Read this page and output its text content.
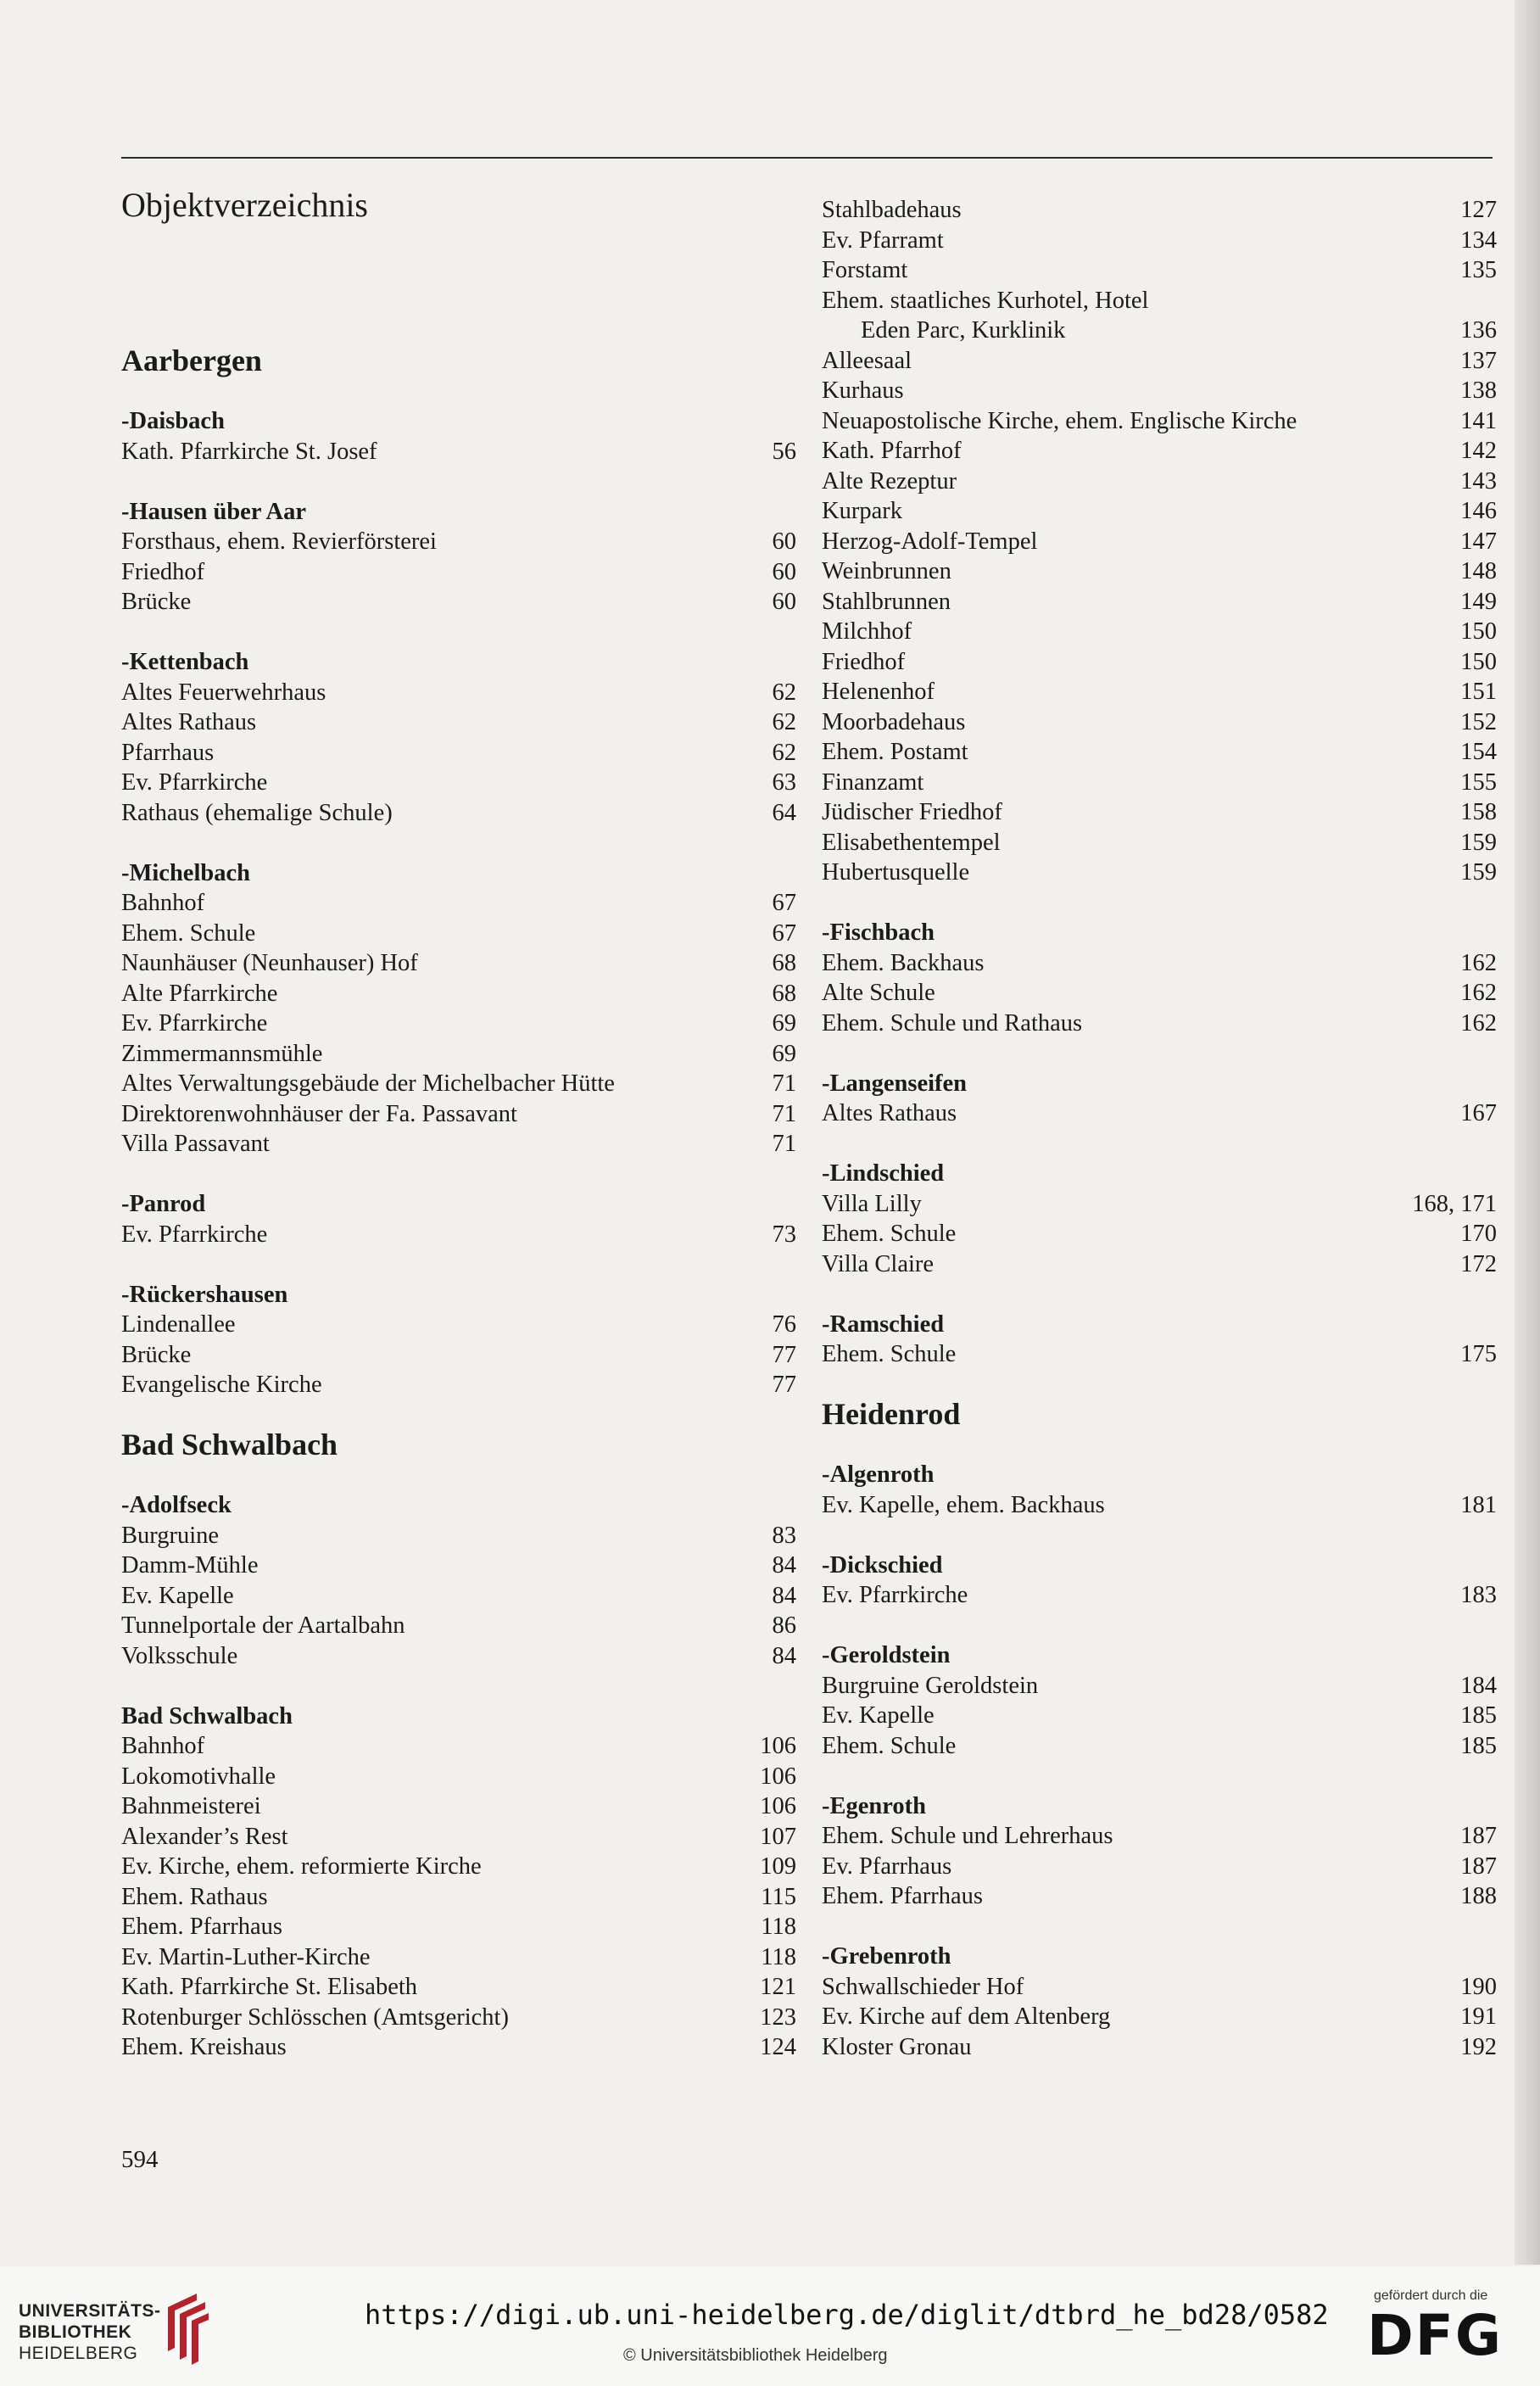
Objektverzeichnis
Aarbergen
-Daisbach
Kath. Pfarrkirche St. Josef	56
-Hausen über Aar
Forsthaus, ehem. Revierförsterei	60
Friedhof	60
Brücke	60
-Kettenbach
Altes Feuerwehrhaus	62
Altes Rathaus	62
Pfarrhaus	62
Ev. Pfarrkirche	63
Rathaus (ehemalige Schule)	64
-Michelbach
Bahnhof	67
Ehem. Schule	67
Naunhäuser (Neunhauser) Hof	68
Alte Pfarrkirche	68
Ev. Pfarrkirche	69
Zimmermannsmühle	69
Altes Verwaltungsgebäude der Michelbacher Hütte	71
Direktorenwohnhäuser der Fa. Passavant	71
Villa Passavant	71
-Panrod
Ev. Pfarrkirche	73
-Rückershausen
Lindenallee	76
Brücke	77
Evangelische Kirche	77
Bad Schwalbach
-Adolfseck
Burgruine	83
Damm-Mühle	84
Ev. Kapelle	84
Tunnelportale der Aartalbahn	86
Volksschule	84
Bad Schwalbach
Bahnhof	106
Lokomotivhalle	106
Bahnmeisterei	106
Alexander’s Rest	107
Ev. Kirche, ehem. reformierte Kirche	109
Ehem. Rathaus	115
Ehem. Pfarrhaus	118
Ev. Martin-Luther-Kirche	118
Kath. Pfarrkirche St. Elisabeth	121
Rotenburger Schlösschen (Amtsgericht)	123
Ehem. Kreishaus	124
Stahlbadehaus	127
Ev. Pfarramt	134
Forstamt	135
Ehem. staatliches Kurhotel, Hotel
Eden Parc, Kurklinik	136
Alleesaal	137
Kurhaus	138
Neuapostolische Kirche, ehem. Englische Kirche	141
Kath. Pfarrhof	142
Alte Rezeptur	143
Kurpark	146
Herzog-Adolf-Tempel	147
Weinbrunnen	148
Stahlbrunnen	149
Milchhof	150
Friedhof	150
Helenenhof	151
Moorbadehaus	152
Ehem. Postamt	154
Finanzamt	155
Jüdischer Friedhof	158
Elisabethentempel	159
Hubertusquelle	159
-Fischbach
Ehem. Backhaus	162
Alte Schule	162
Ehem. Schule und Rathaus	162
-Langenseifen
Altes Rathaus	167
-Lindschied
Villa Lilly	168, 171
Ehem. Schule	170
Villa Claire	172
-Ramschied
Ehem. Schule	175
Heidenrod
-Algenroth
Ev. Kapelle, ehem. Backhaus	181
-Dickschied
Ev. Pfarrkirche	183
-Geroldstein
Burgruine Geroldstein	184
Ev. Kapelle	185
Ehem. Schule	185
-Egenroth
Ehem. Schule und Lehrerhaus	187
Ev. Pfarrhaus	187
Ehem. Pfarrhaus	188
-Grebenroth
Schwallschieder Hof	190
Ev. Kirche auf dem Altenberg	191
Kloster Gronau	192
594
UNIVERSITÄTS-
BIBLIOTHEK
HEIDELBERG
https://digi.ub.uni-heidelberg.de/diglit/dtbrd_he_bd28/0582
© Universitätsbibliothek Heidelberg
gefördert durch die
DFG
